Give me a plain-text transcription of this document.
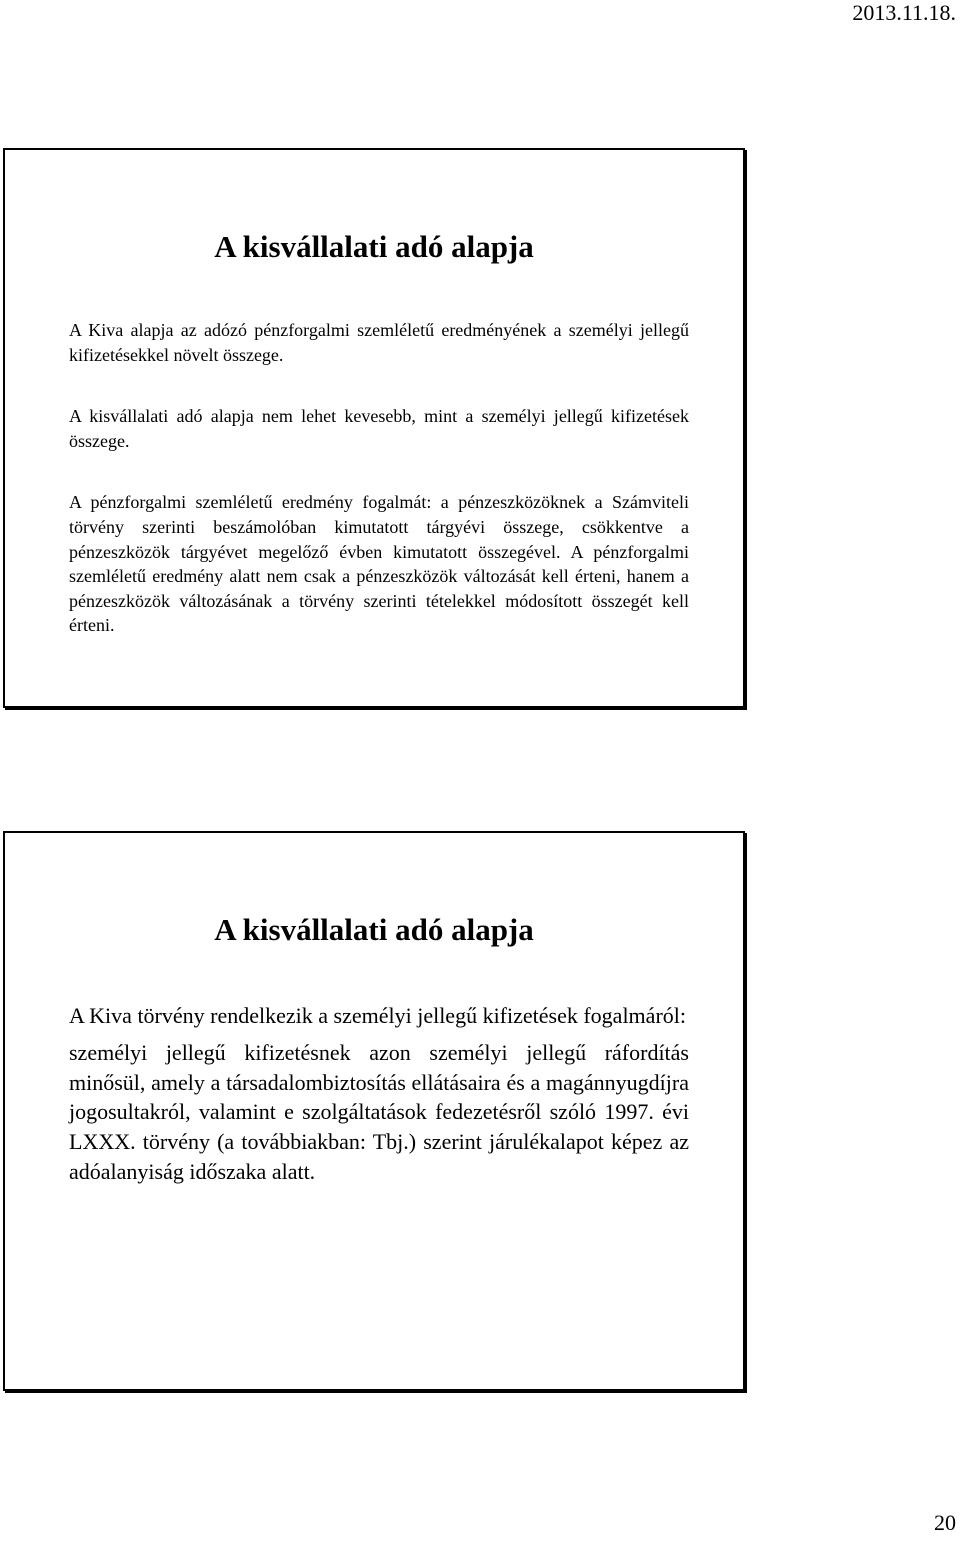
2013.11.18.
A kisvállalati adó alapja

A Kiva alapja az adózó pénzforgalmi szemléletű eredményének a személyi jellegű kifizetésekkel növelt összege.

A kisvállalati adó alapja nem lehet kevesebb, mint a személyi jellegű kifizetések összege.

A pénzforgalmi szemléletű eredmény fogalmát: a pénzeszközöknek a Számviteli törvény szerinti beszámolóban kimutatott tárgyévi összege, csökkentve a pénzeszközök tárgyévet megelőző évben kimutatott összegével. A pénzforgalmi szemléletű eredmény alatt nem csak a pénzeszközök változását kell érteni, hanem a pénzeszközök változásának a törvény szerinti tételekkel módosított összegét kell érteni.

A kisvállalati adó alapja

A Kiva törvény rendelkezik a személyi jellegű kifizetések fogalmáról:

személyi jellegű kifizetésnek azon személyi jellegű ráfordítás minősül, amely a társadalombiztosítás ellátásaira és a magánnyugdíjra jogosultakról, valamint e szolgáltatások fedezetésről szóló 1997. évi LXXX. törvény (a továbbiakban: Tbj.) szerint járulékalapot képez az adóalanyiság időszaka alatt.

20
